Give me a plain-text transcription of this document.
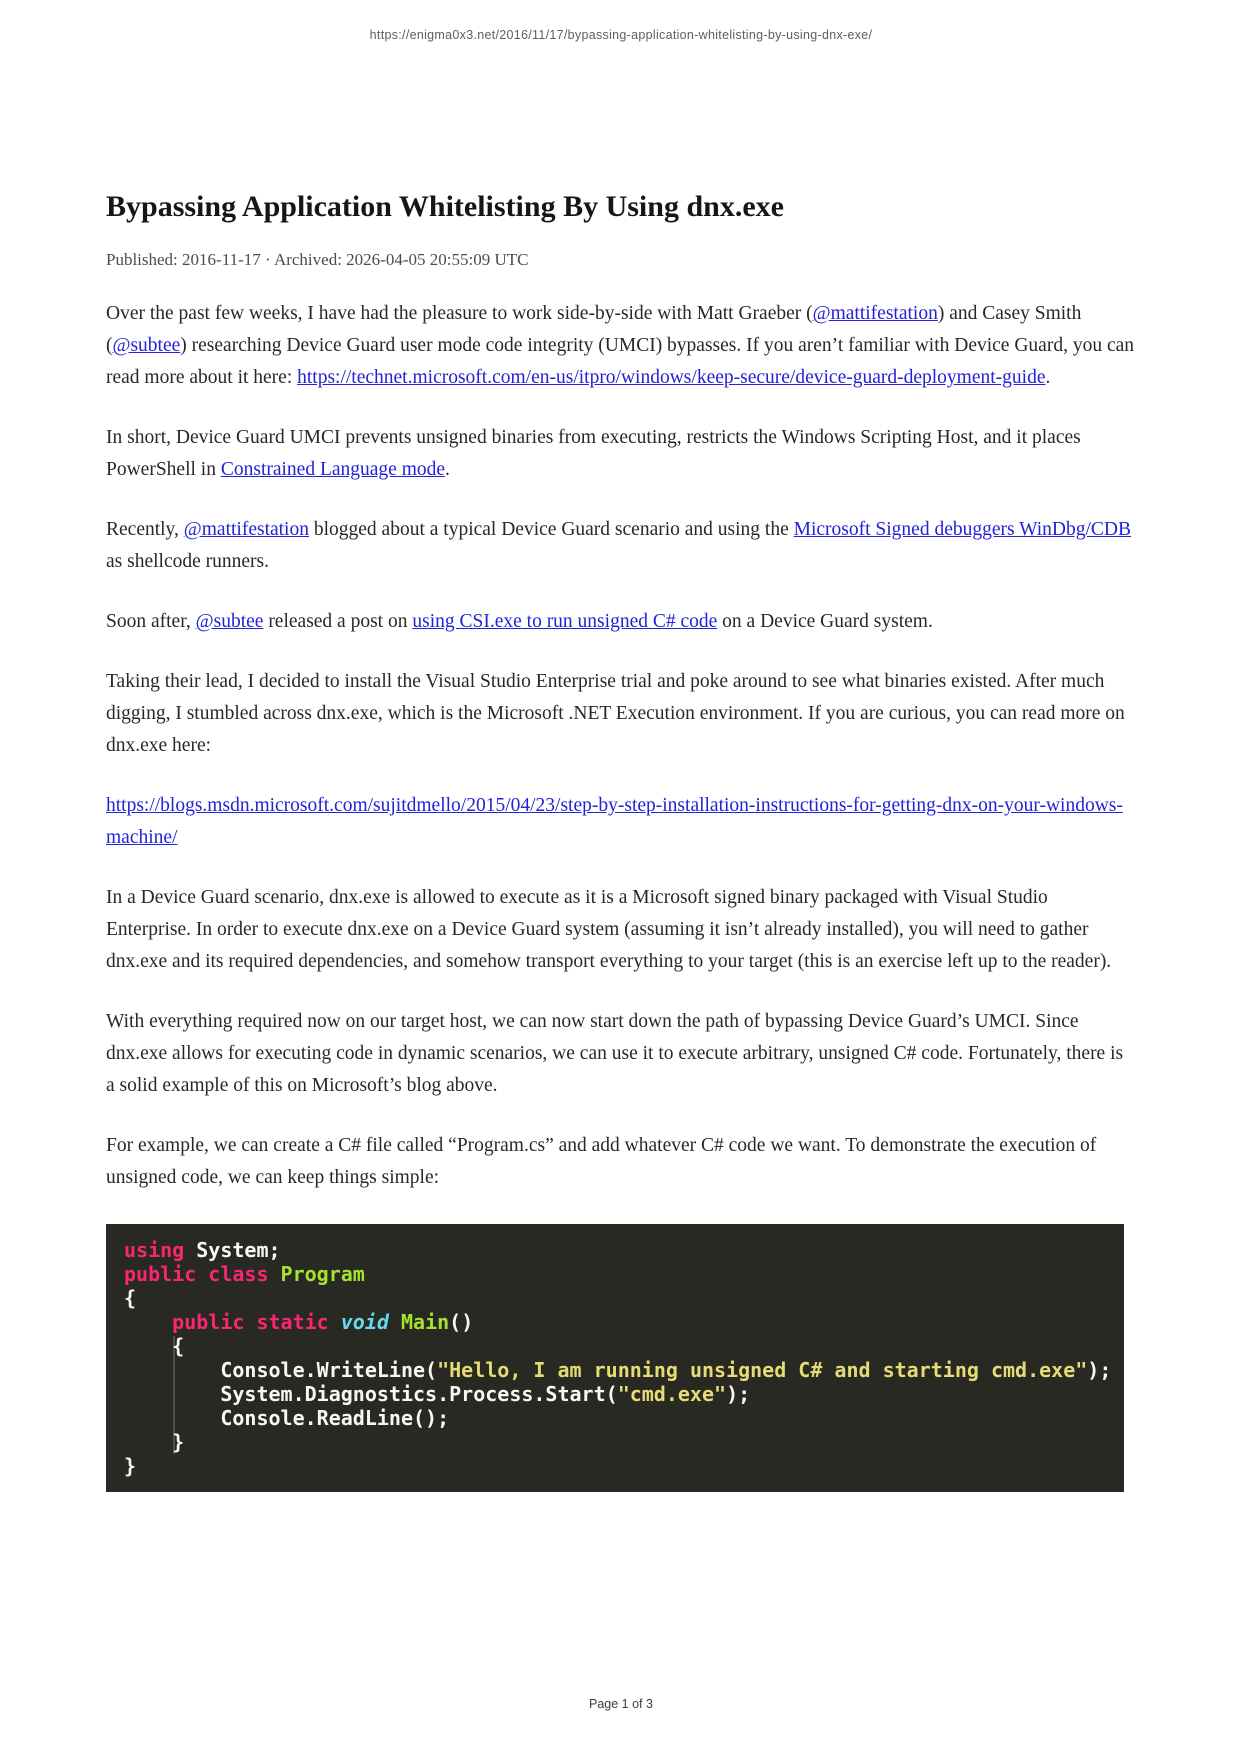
https://enigma0x3.net/2016/11/17/bypassing-application-whitelisting-by-using-dnx-exe/
Bypassing Application Whitelisting By Using dnx.exe
Published: 2016-11-17 · Archived: 2026-04-05 20:55:09 UTC

Over the past few weeks, I have had the pleasure to work side-by-side with Matt Graeber (@mattifestation) and Casey Smith (@subtee) researching Device Guard user mode code integrity (UMCI) bypasses. If you aren’t familiar with Device Guard, you can read more about it here: https://technet.microsoft.com/en-us/itpro/windows/keep-secure/device-guard-deployment-guide.

In short, Device Guard UMCI prevents unsigned binaries from executing, restricts the Windows Scripting Host, and it places PowerShell in Constrained Language mode.

Recently, @mattifestation blogged about a typical Device Guard scenario and using the Microsoft Signed debuggers WinDbg/CDB as shellcode runners.

Soon after, @subtee released a post on using CSI.exe to run unsigned C# code on a Device Guard system.

Taking their lead, I decided to install the Visual Studio Enterprise trial and poke around to see what binaries existed. After much digging, I stumbled across dnx.exe, which is the Microsoft .NET Execution environment. If you are curious, you can read more on dnx.exe here:

https://blogs.msdn.microsoft.com/sujitdmello/2015/04/23/step-by-step-installation-instructions-for-getting-dnx-on-your-windows-machine/

In a Device Guard scenario, dnx.exe is allowed to execute as it is a Microsoft signed binary packaged with Visual Studio Enterprise. In order to execute dnx.exe on a Device Guard system (assuming it isn’t already installed), you will need to gather dnx.exe and its required dependencies, and somehow transport everything to your target (this is an exercise left up to the reader).

With everything required now on our target host, we can now start down the path of bypassing Device Guard’s UMCI. Since dnx.exe allows for executing code in dynamic scenarios, we can use it to execute arbitrary, unsigned C# code. Fortunately, there is a solid example of this on Microsoft’s blog above.

For example, we can create a C# file called “Program.cs” and add whatever C# code we want. To demonstrate the execution of unsigned code, we can keep things simple:

using System;
public class Program
{
public static void Main()
{
Console.WriteLine("Hello, I am running unsigned C# and starting cmd.exe");
System.Diagnostics.Process.Start("cmd.exe");
Console.ReadLine();
}
}
Page 1 of 3
